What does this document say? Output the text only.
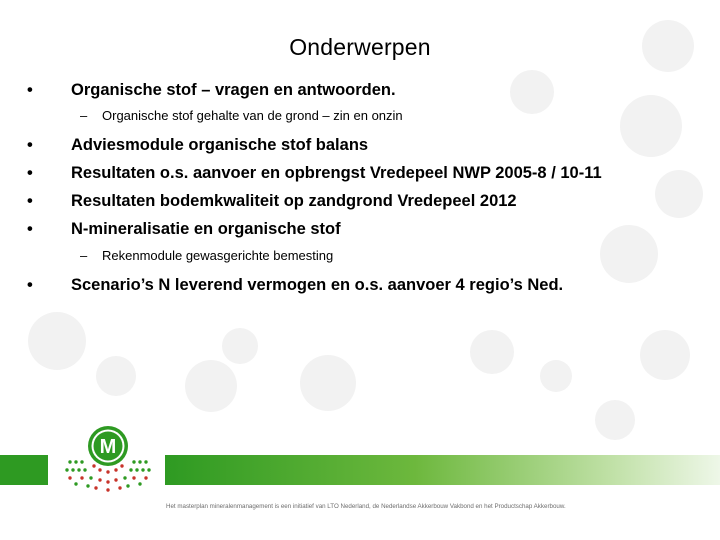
Onderwerpen
•	Organische stof – vragen en antwoorden.
– Organische stof gehalte van de grond – zin en onzin
•	Adviesmodule organische stof balans
•	Resultaten o.s. aanvoer en opbrengst Vredepeel NWP 2005-8 / 10-11
•	Resultaten bodemkwaliteit op zandgrond Vredepeel 2012
•	N-mineralisatie en organische stof
– Rekenmodule gewasgerichte bemesting
•	Scenario’s N leverend vermogen en o.s. aanvoer 4 regio’s Ned.
M
Het masterplan mineralenmanagement is een initiatief van LTO Nederland, de Nederlandse Akkerbouw Vakbond en het Productschap Akkerbouw.
